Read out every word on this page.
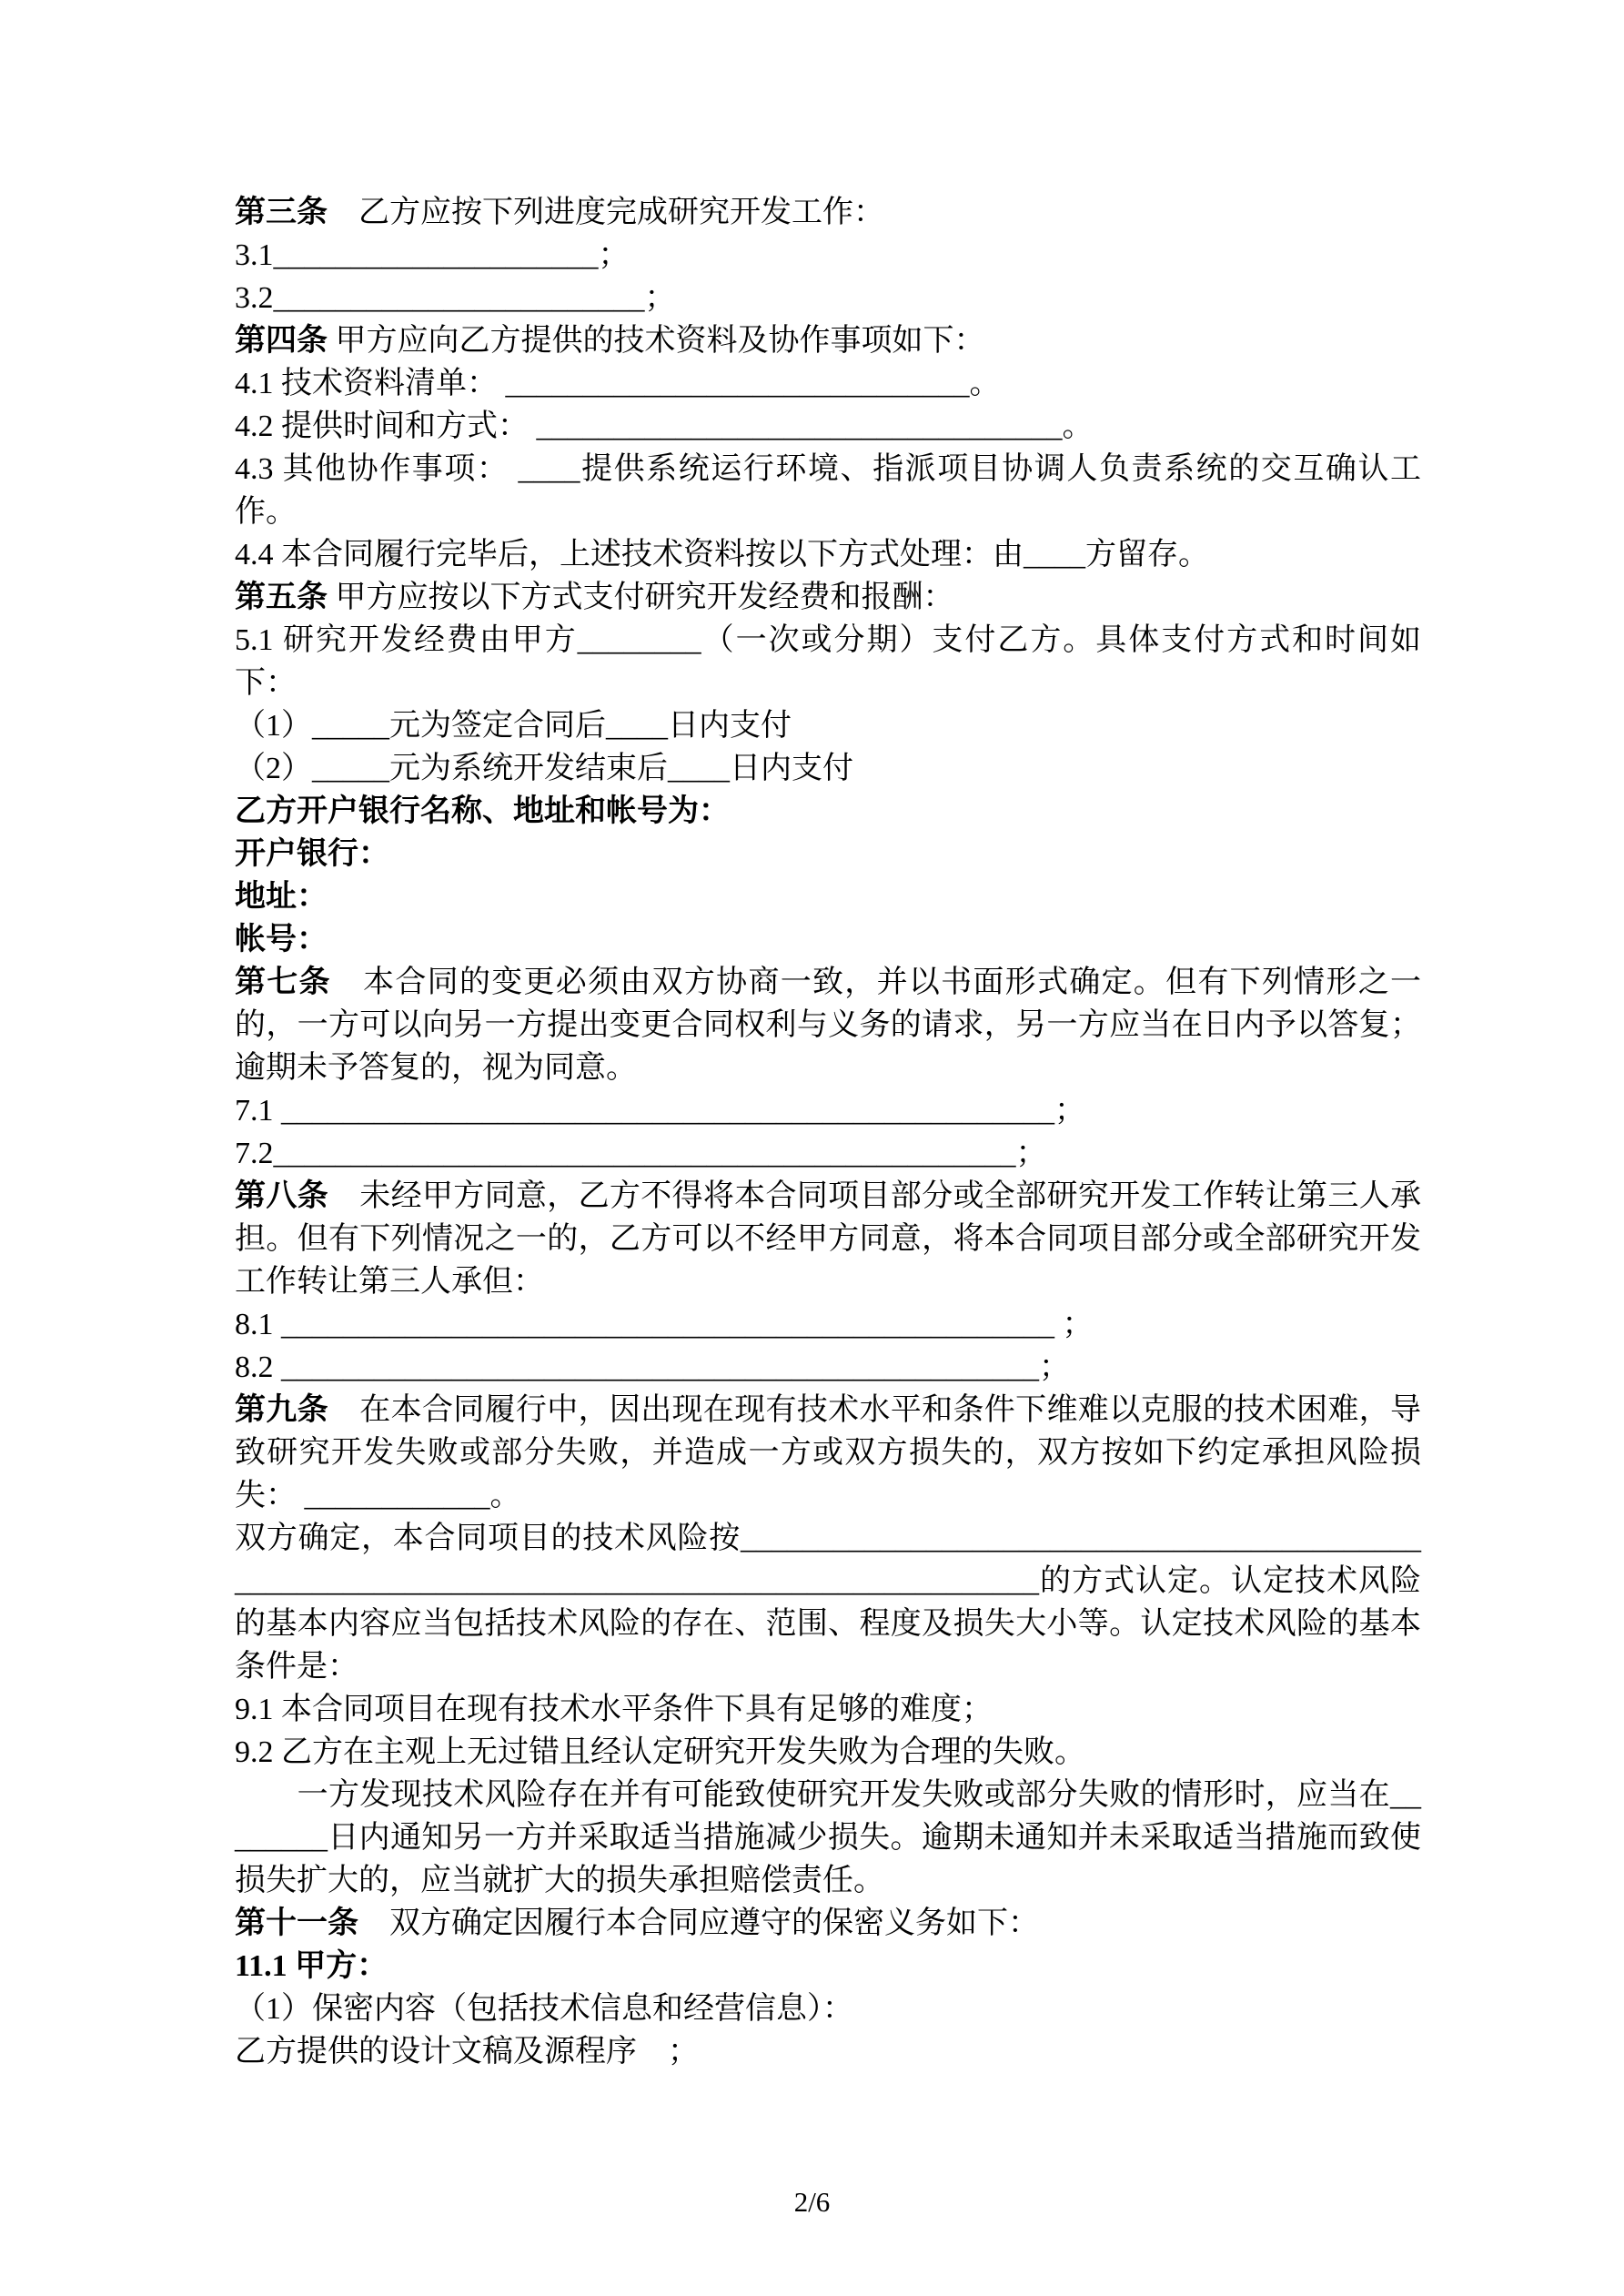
第三条　乙方应按下列进度完成研究开发工作：

3.1_____________________；

3.2________________________；

第四条 甲方应向乙方提供的技术资料及协作事项如下：

4.1 技术资料清单： ______________________________。

4.2 提供时间和方式： __________________________________。

4.3 其他协作事项： ____提供系统运行环境、指派项目协调人负责系统的交互确认工作。

4.4 本合同履行完毕后，上述技术资料按以下方式处理：由____方留存。

第五条 甲方应按以下方式支付研究开发经费和报酬：

5.1 研究开发经费由甲方________（一次或分期）支付乙方。具体支付方式和时间如下：

（1）_____元为签定合同后____日内支付

（2）_____元为系统开发结束后____日内支付

乙方开户银行名称、地址和帐号为：

开户银行：

地址：

帐号：

第七条　本合同的变更必须由双方协商一致，并以书面形式确定。但有下列情形之一的，一方可以向另一方提出变更合同权利与义务的请求，另一方应当在日内予以答复；逾期未予答复的，视为同意。

7.1 __________________________________________________；

7.2________________________________________________；

第八条　未经甲方同意，乙方不得将本合同项目部分或全部研究开发工作转让第三人承担。但有下列情况之一的，乙方可以不经甲方同意，将本合同项目部分或全部研究开发工作转让第三人承但：

8.1 __________________________________________________ ；

8.2 _________________________________________________；

第九条　在本合同履行中，因出现在现有技术水平和条件下维难以克服的技术困难，导致研究开发失败或部分失败，并造成一方或双方损失的，双方按如下约定承担风险损失： ____________。

双方确定，本合同项目的技术风险按________________________________________________________________________________________________的方式认定。认定技术风险的基本内容应当包括技术风险的存在、范围、程度及损失大小等。认定技术风险的基本条件是：

9.1 本合同项目在现有技术水平条件下具有足够的难度；

9.2 乙方在主观上无过错且经认定研究开发失败为合理的失败。

　　一方发现技术风险存在并有可能致使研究开发失败或部分失败的情形时，应当在________日内通知另一方并采取适当措施减少损失。逾期未通知并未采取适当措施而致使损失扩大的，应当就扩大的损失承担赔偿责任。

第十一条　双方确定因履行本合同应遵守的保密义务如下：

11.1 甲方：

（1）保密内容（包括技术信息和经营信息）：

乙方提供的设计文稿及源程序　；

2/6
